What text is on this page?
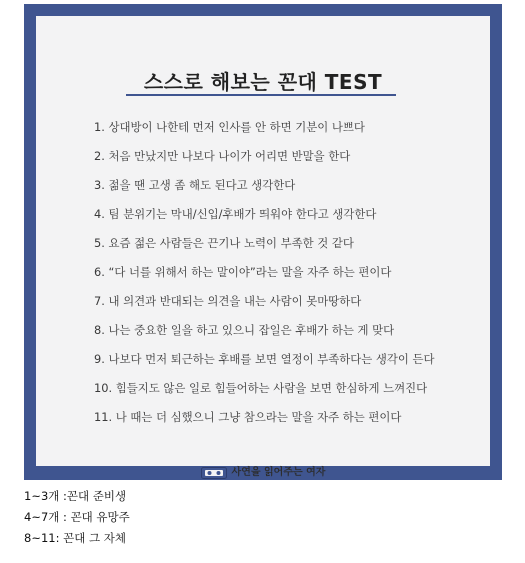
스스로 해보는 꼰대 TEST
1. 상대방이 나한테 먼저 인사를 안 하면 기분이 나쁘다
2. 처음 만났지만 나보다 나이가 어리면 반말을 한다
3. 젊을 땐 고생 좀 해도 된다고 생각한다
4. 팀 분위기는 막내/신입/후배가 띄워야 한다고 생각한다
5. 요즘 젊은 사람들은 끈기나 노력이 부족한 것 같다
6. “다 너를 위해서 하는 말이야”라는 말을 자주 하는 편이다
7. 내 의견과 반대되는 의견을 내는 사람이 못마땅하다
8. 나는 중요한 일을 하고 있으니 잡일은 후배가 하는 게 맞다
9. 나보다 먼저 퇴근하는 후배를 보면 열정이 부족하다는 생각이 든다
10. 힘들지도 않은 일로 힘들어하는 사람을 보면 한심하게 느껴진다
11. 나 때는 더 심했으니 그냥 참으라는 말을 자주 하는 편이다
사연을 읽어주는 여자
1~3개 :꼰대 준비생
4~7개 : 꼰대 유망주
8~11: 꼰대 그 자체
